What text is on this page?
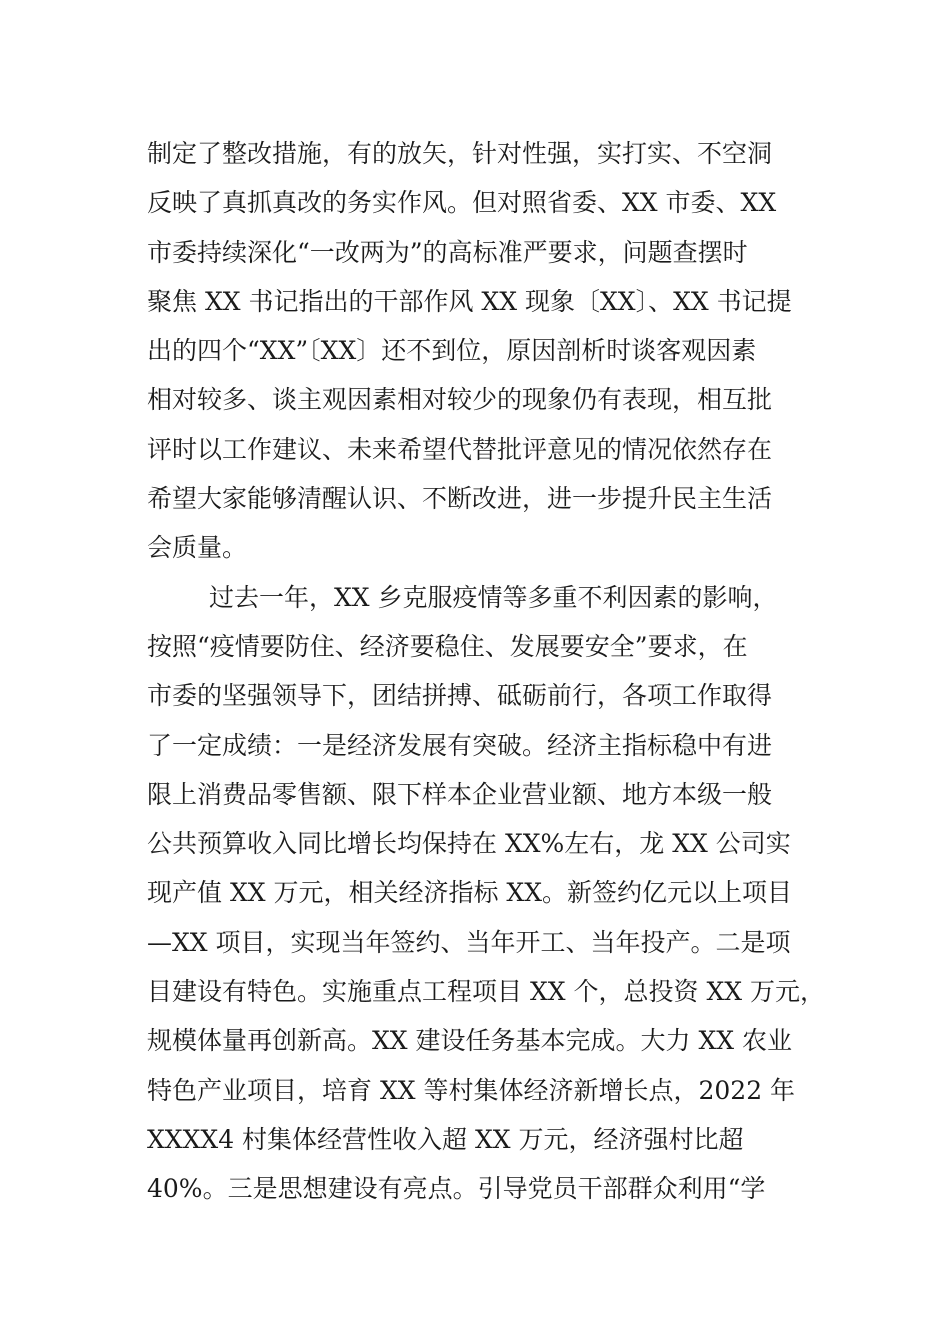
制定了整改措施，有的放矢，针对性强，实打实、不空洞
反映了真抓真改的务实作风。但对照省委、XX 市委、XX
市委持续深化“一改两为”的高标准严要求，问题查摆时
聚焦 XX 书记指出的干部作风 XX 现象〔XX〕、XX 书记提
出的四个“XX”〔XX〕还不到位，原因剖析时谈客观因素
相对较多、谈主观因素相对较少的现象仍有表现，相互批
评时以工作建议、未来希望代替批评意见的情况依然存在
希望大家能够清醒认识、不断改进，进一步提升民主生活
会质量。
过去一年，XX 乡克服疫情等多重不利因素的影响，
按照“疫情要防住、经济要稳住、发展要安全”要求，在
市委的坚强领导下，团结拼搏、砥砺前行，各项工作取得
了一定成绩：一是经济发展有突破。经济主指标稳中有进
限上消费品零售额、限下样本企业营业额、地方本级一般
公共预算收入同比增长均保持在 XX%左右，龙 XX 公司实
现产值 XX 万元，相关经济指标 XX。新签约亿元以上项目
—XX 项目，实现当年签约、当年开工、当年投产。二是项
目建设有特色。实施重点工程项目 XX 个，总投资 XX 万元，
规模体量再创新高。XX 建设任务基本完成。大力 XX 农业
特色产业项目，培育 XX 等村集体经济新增长点，2022 年
XXXX4 村集体经营性收入超 XX 万元，经济强村比超
40%。三是思想建设有亮点。引导党员干部群众利用“学
